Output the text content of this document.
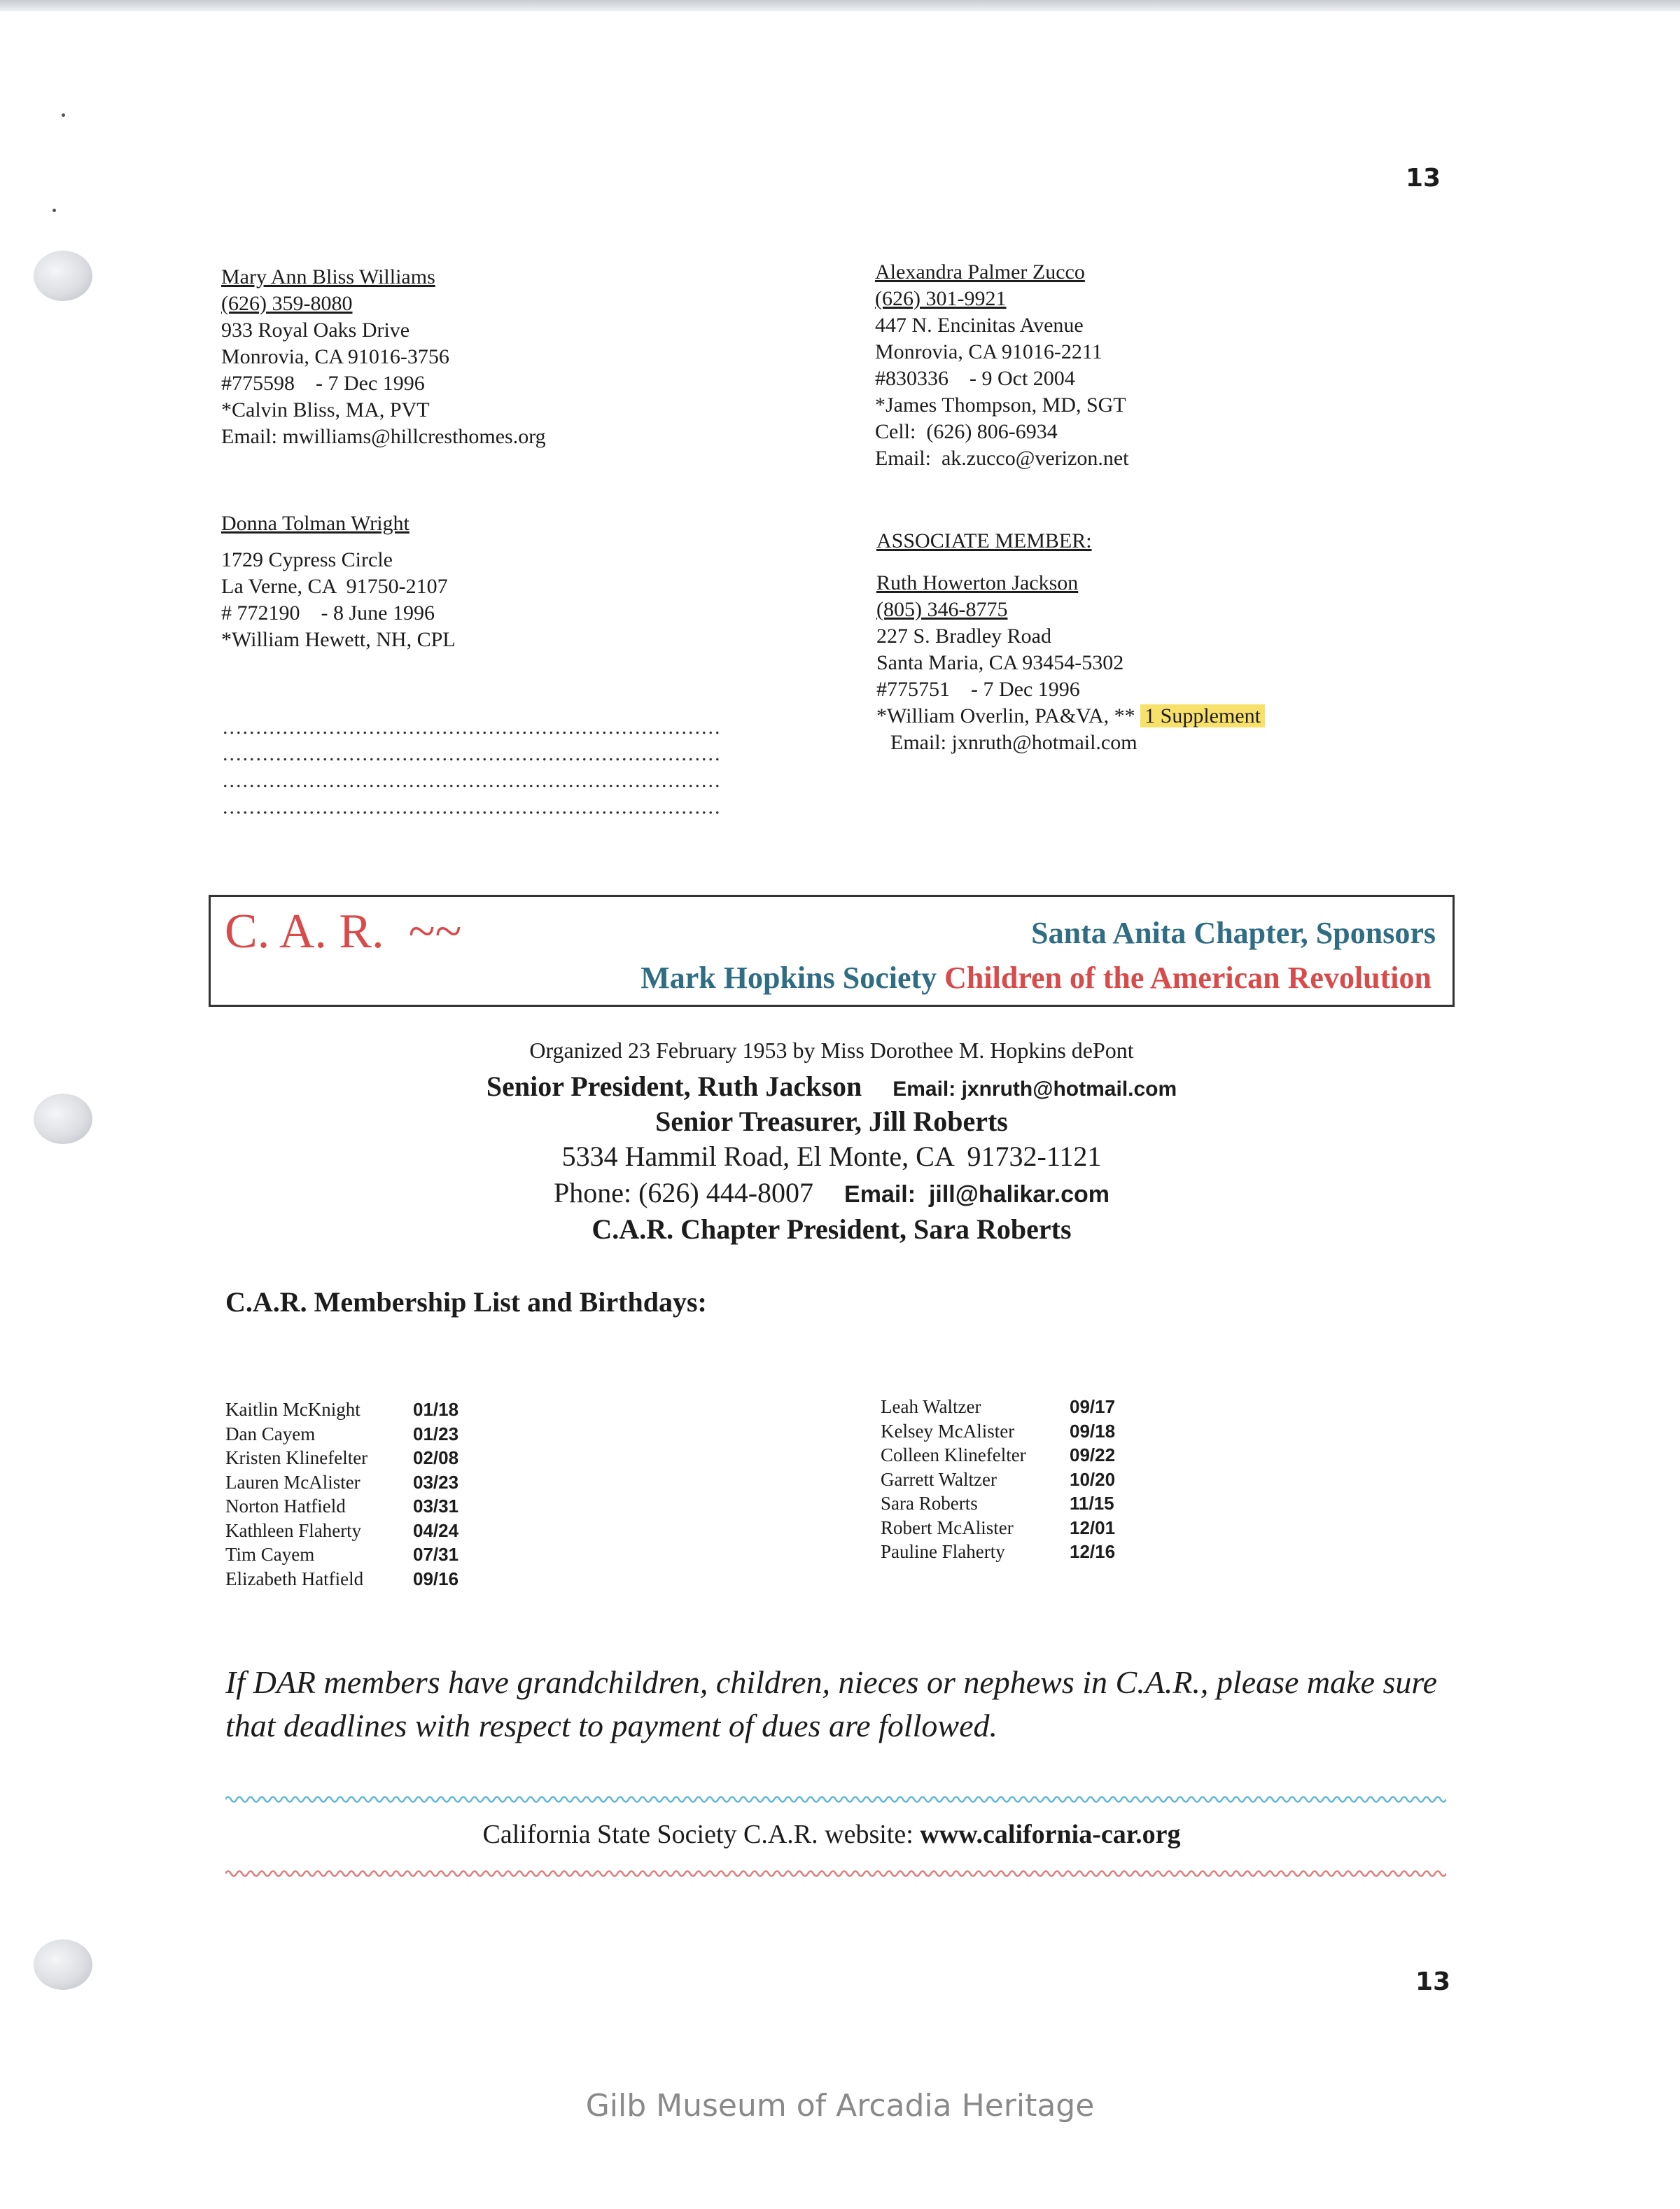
13
Mary Ann Bliss Williams
(626) 359-8080
933 Royal Oaks Drive
Monrovia, CA 91016-3756
#775598    - 7 Dec 1996
*Calvin Bliss, MA, PVT
Email: mwilliams@hillcresthomes.org
Donna Tolman Wright
1729 Cypress Circle
La Verne, CA  91750-2107
# 772190    - 8 June 1996
*William Hewett, NH, CPL
...........................................................................
...........................................................................
...........................................................................
...........................................................................
Alexandra Palmer Zucco
(626) 301-9921
447 N. Encinitas Avenue
Monrovia, CA 91016-2211
#830336    - 9 Oct 2004
*James Thompson, MD, SGT
Cell:  (626) 806-6934
Email:  ak.zucco@verizon.net
ASSOCIATE MEMBER:
Ruth Howerton Jackson
(805) 346-8775
227 S. Bradley Road
Santa Maria, CA 93454-5302
#775751    - 7 Dec 1996
*William Overlin, PA&VA, ** 1 Supplement
Email: jxnruth@hotmail.com
C. A. R.  ~~	Santa Anita Chapter, Sponsors
Mark Hopkins Society Children of the American Revolution
Organized 23 February 1953 by Miss Dorothee M. Hopkins dePont
Senior President, Ruth Jackson Email: jxnruth@hotmail.com
Senior Treasurer, Jill Roberts
5334 Hammil Road, El Monte, CA  91732-1121
Phone: (626) 444-8007 Email:  jill@halikar.com
C.A.R. Chapter President, Sara Roberts
C.A.R. Membership List and Birthdays:
Kaitlin McKnight	01/18
Dan Cayem	01/23
Kristen Klinefelter	02/08
Lauren McAlister	03/23
Norton Hatfield	03/31
Kathleen Flaherty	04/24
Tim Cayem	07/31
Elizabeth Hatfield	09/16
Leah Waltzer	09/17
Kelsey McAlister	09/18
Colleen Klinefelter	09/22
Garrett Waltzer	10/20
Sara Roberts	11/15
Robert McAlister	12/01
Pauline Flaherty	12/16
If DAR members have grandchildren, children, nieces or nephews in C.A.R., please make sure that deadlines with respect to payment of dues are followed.
California State Society C.A.R. website: www.california-car.org
13
Gilb Museum of Arcadia Heritage
